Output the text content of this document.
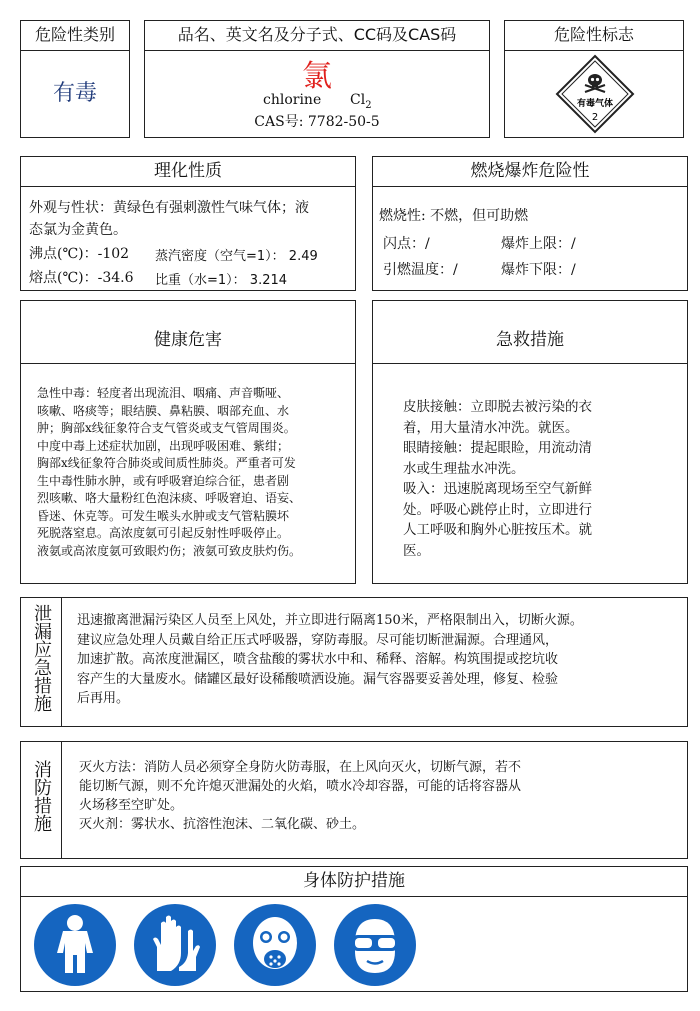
危险性类别
有毒
品名、英文名及分子式、CC码及CAS码
氯
chlorine $Cl_2$
CAS号: 7782-50-5
危险性标志
有毒气体
2
理化性质
外观与性状：黄绿色有强刺激性气味气体；液
态氯为金黄色。
沸点(℃)：-102 蒸汽密度（空气=1）： 2.49
熔点(℃)：-34.6 比重（水=1）： 3.214
燃烧爆炸危险性
燃烧性: 不燃，但可助燃
闪点：/	爆炸上限：/
引燃温度：/	爆炸下限：/
健康危害
急性中毒：轻度者出现流泪、咽痛、声音嘶哑、
咳嗽、咯痰等；眼结膜、鼻粘膜、咽部充血、水
肿；胸部x线征象符合支气管炎或支气管周围炎。
中度中毒上述症状加剧，出现呼吸困难、紫绀；
胸部x线征象符合肺炎或间质性肺炎。严重者可发
生中毒性肺水肿，或有呼吸窘迫综合征，患者剧
烈咳嗽、咯大量粉红色泡沫痰、呼吸窘迫、语妄、
昏迷、休克等。可发生喉头水肿或支气管粘膜坏
死脱落窒息。高浓度氨可引起反射性呼吸停止。
液氨或高浓度氨可致眼灼伤；液氨可致皮肤灼伤。
急救措施
皮肤接触：立即脱去被污染的衣
着，用大量清水冲洗。就医。
眼睛接触：提起眼睑，用流动清
水或生理盐水冲洗。
吸入：迅速脱离现场至空气新鲜
处。呼吸心跳停止时，立即进行
人工呼吸和胸外心脏按压术。就
医。
泄漏应急措施	迅速撤离泄漏污染区人员至上风处，并立即进行隔离150米，严格限制出入，切断火源。
建议应急处理人员戴自给正压式呼吸器，穿防毒服。尽可能切断泄漏源。合理通风，
加速扩散。高浓度泄漏区，喷含盐酸的雾状水中和、稀释、溶解。构筑围提或挖坑收
容产生的大量废水。储罐区最好设稀酸喷洒设施。漏气容器要妥善处理，修复、检验
后再用。
消防措施	灭火方法：消防人员必须穿全身防火防毒服，在上风向灭火，切断气源，若不
能切断气源，则不允许熄灭泄漏处的火焰，喷水冷却容器，可能的话将容器从
火场移至空旷处。
灭火剂：雾状水、抗溶性泡沫、二氧化碳、砂土。
身体防护措施
